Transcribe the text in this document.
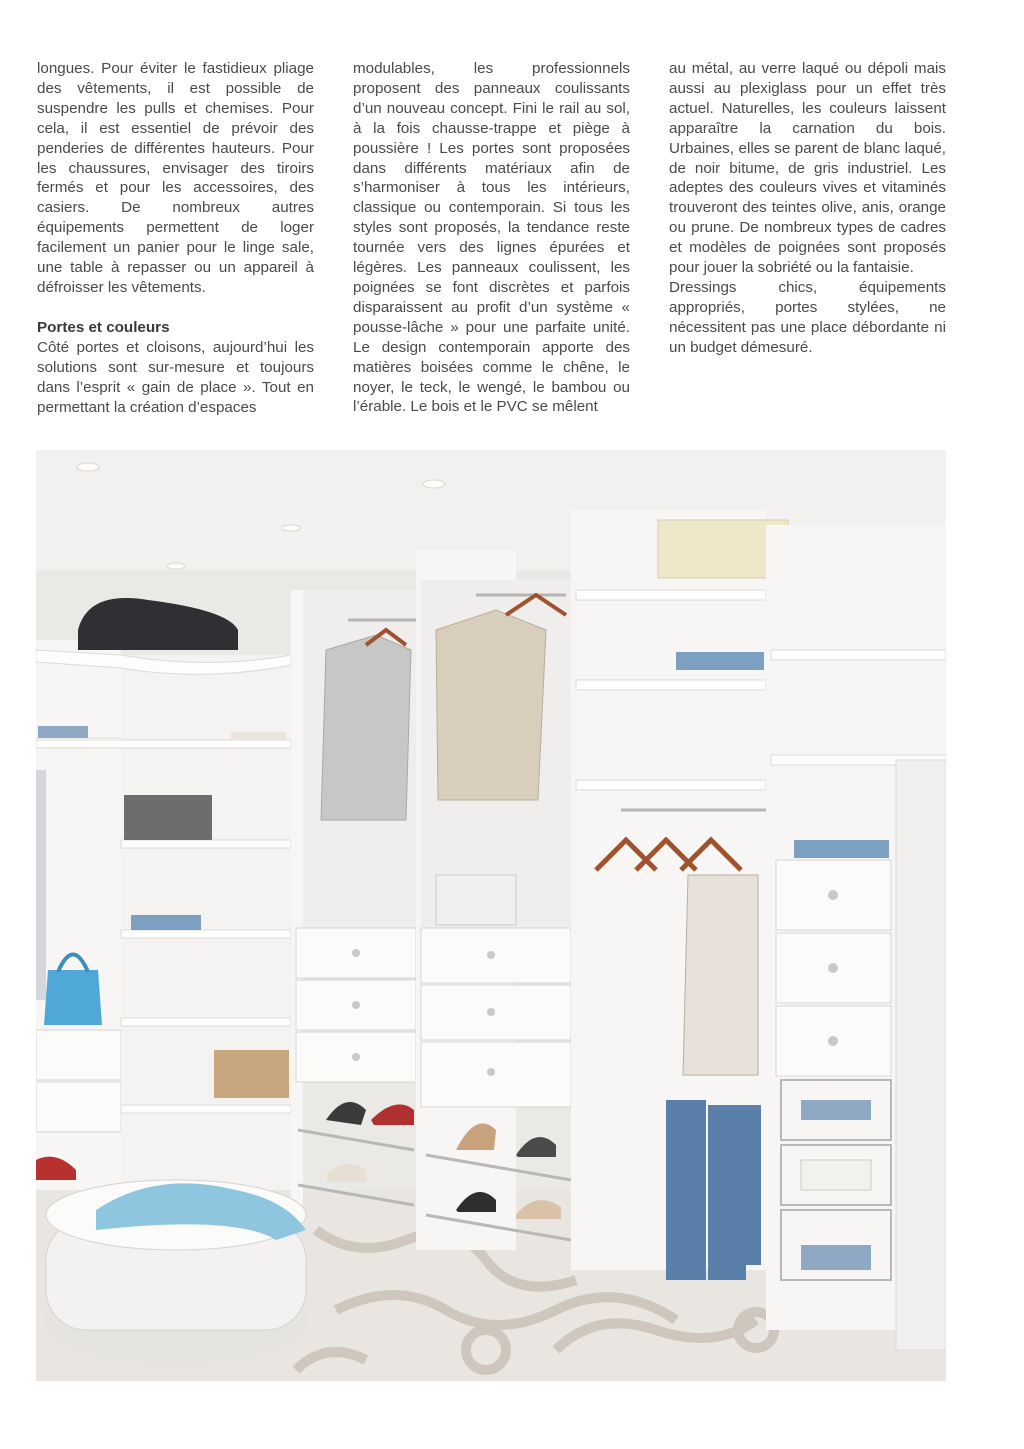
longues. Pour éviter le fastidieux pliage des vêtements, il est possible de suspendre les pulls et chemises. Pour cela, il est essentiel de prévoir des penderies de différentes hauteurs. Pour les chaussures, envisager des tiroirs fermés et pour les accessoires, des casiers. De nombreux autres équipements permettent de loger facilement un panier pour le linge sale, une table à repasser ou un appareil à défroisser les vêtements.

Portes et couleurs

Côté portes et cloisons, aujourd’hui les solutions sont sur-mesure et toujours dans l’esprit « gain de place ». Tout en permettant la création d’espaces

modulables, les professionnels proposent des panneaux coulissants d’un nouveau concept. Fini le rail au sol, à la fois chausse-trappe et piège à poussière ! Les portes sont proposées dans différents matériaux afin de s’harmoniser à tous les intérieurs, classique ou contemporain. Si tous les styles sont proposés, la tendance reste tournée vers des lignes épurées et légères. Les panneaux coulissent, les poignées se font discrètes et parfois disparaissent au profit d’un système « pousse-lâche » pour une parfaite unité. Le design contemporain apporte des matières boisées comme le chêne, le noyer, le teck, le wengé, le bambou ou l’érable. Le bois et le PVC se mêlent

au métal, au verre laqué ou dépoli mais aussi au plexiglass pour un effet très actuel. Naturelles, les couleurs laissent apparaître la carnation du bois. Urbaines, elles se parent de blanc laqué, de noir bitume, de gris industriel. Les adeptes des couleurs vives et vitaminés trouveront des teintes olive, anis, orange ou prune. De nombreux types de cadres et modèles de poignées sont proposés pour jouer la sobriété ou la fantaisie.

Dressings chics, équipements appropriés, portes stylées, ne nécessitent pas une place débordante ni un budget démesuré.
